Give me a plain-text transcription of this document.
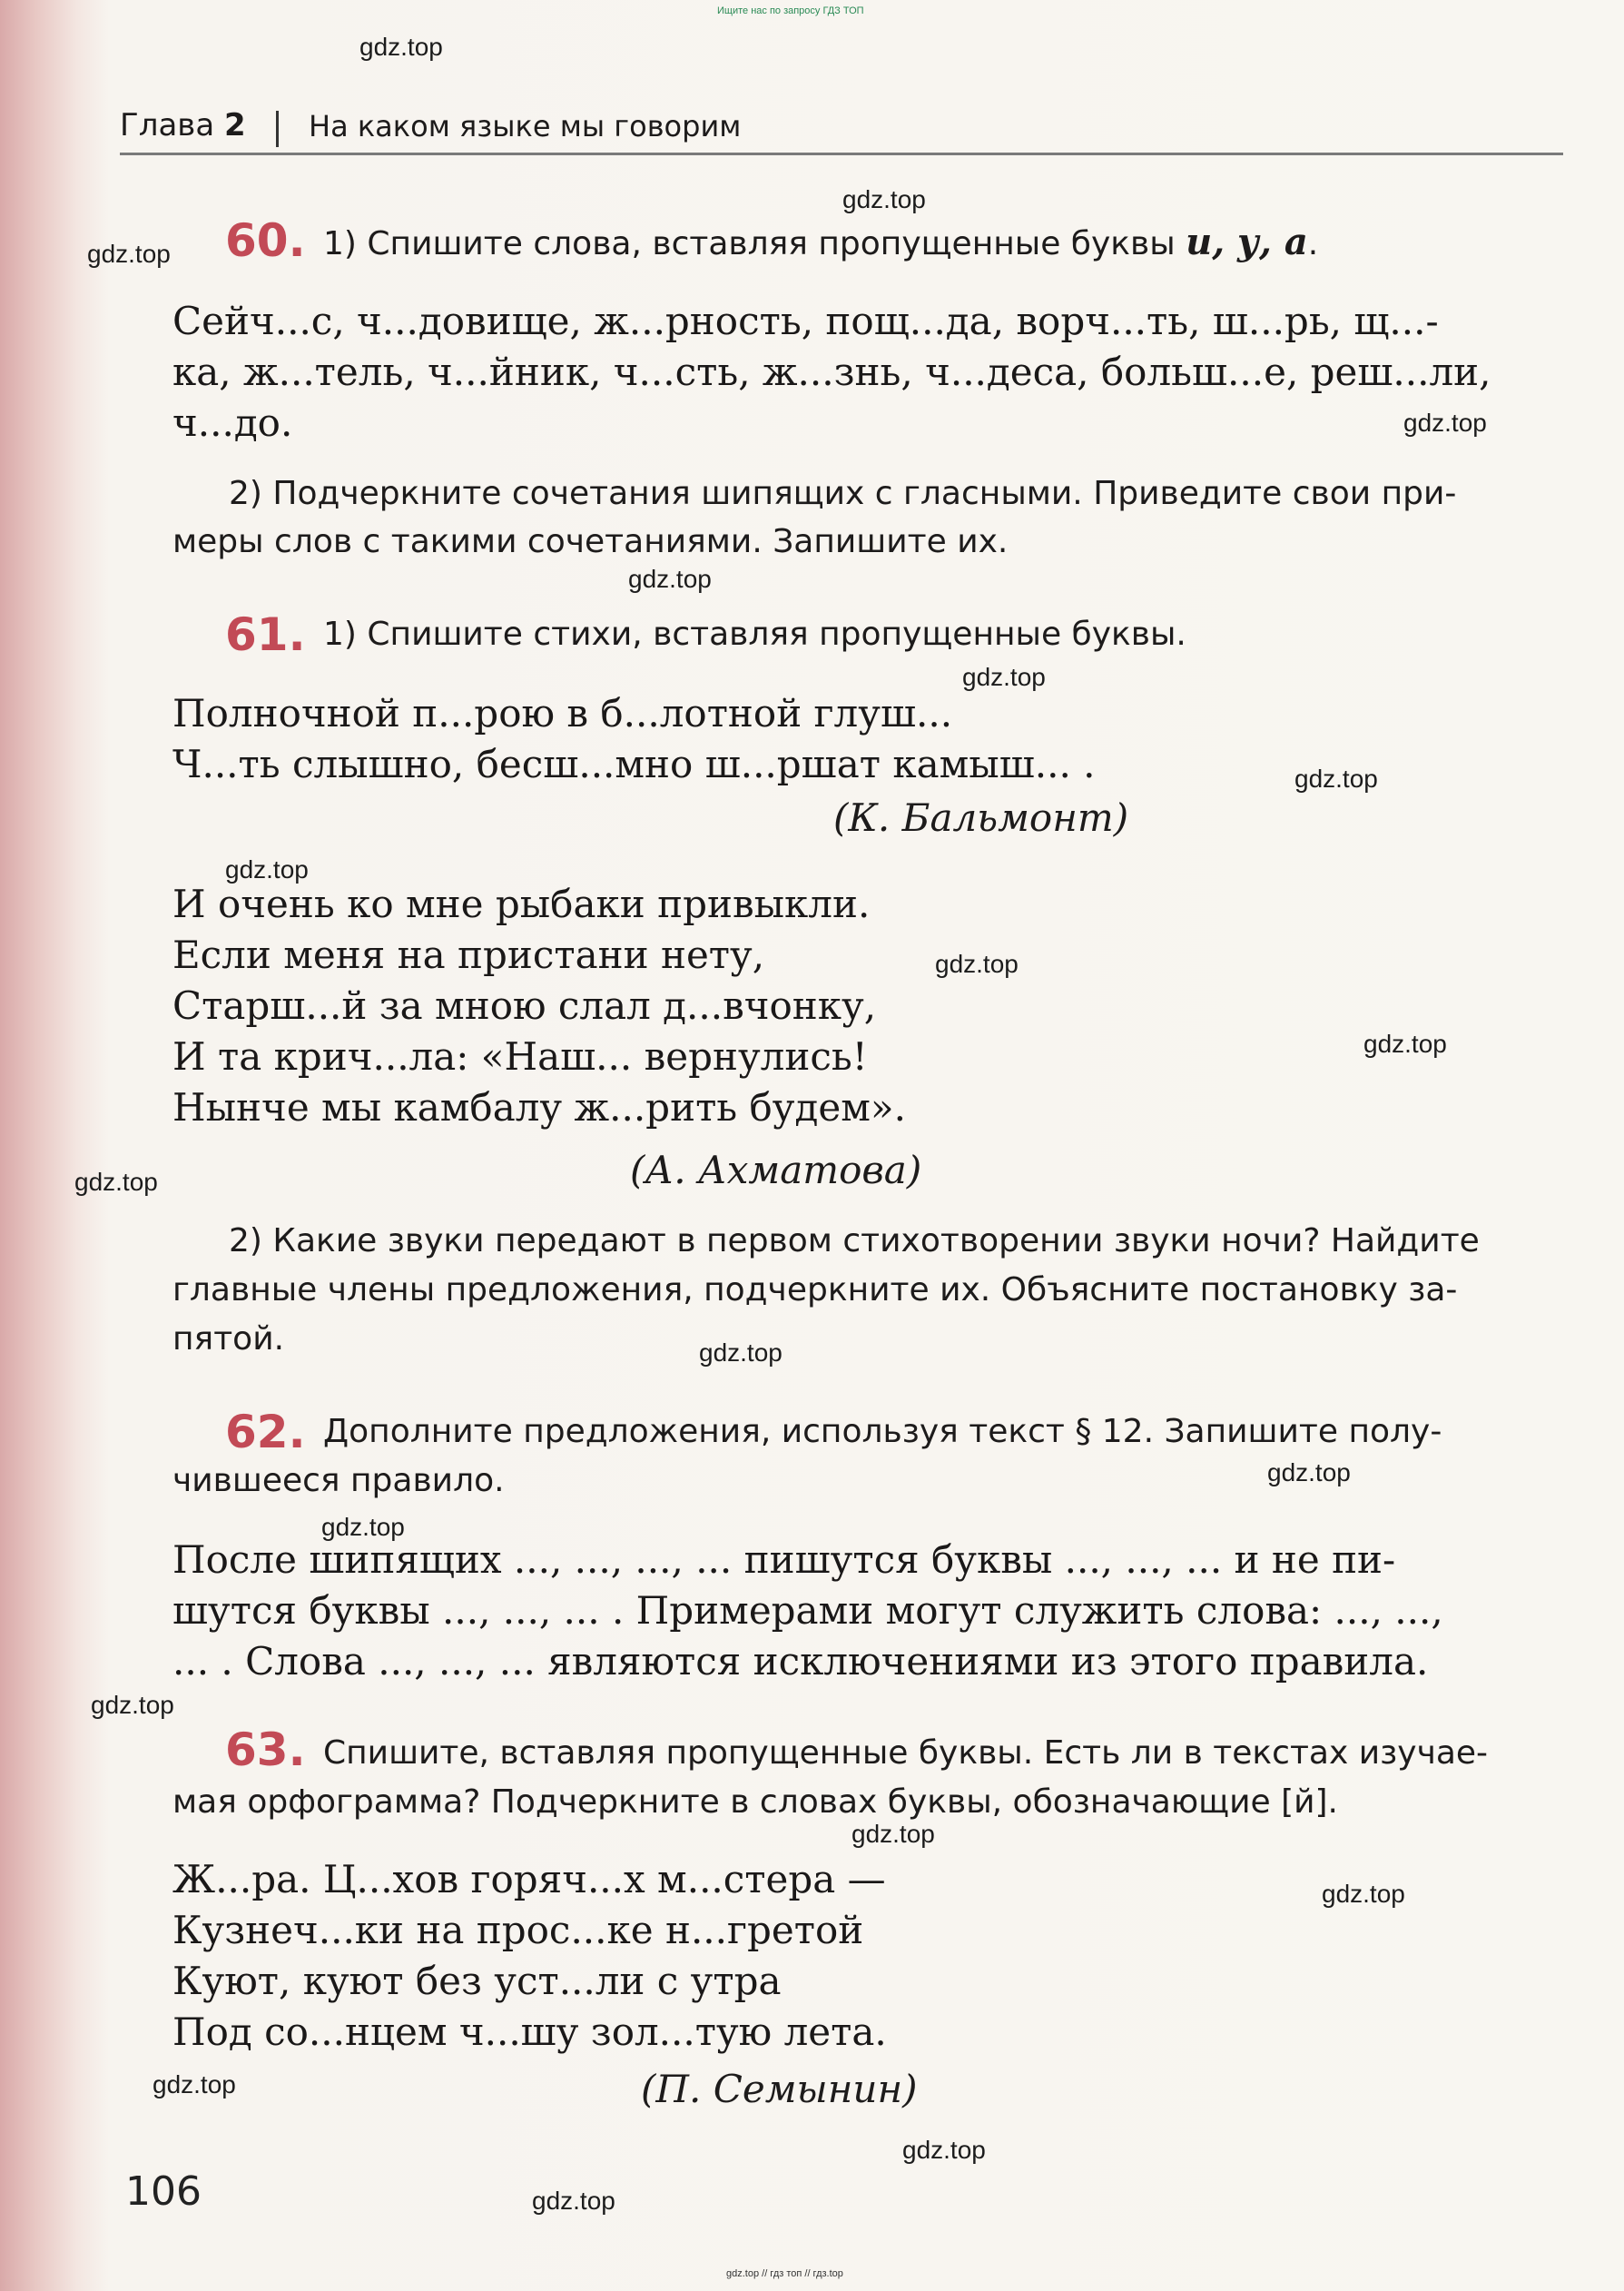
Ищите нас по запросу ГДЗ ТОП
Глава 2 На каком языке мы говорим
60. 1) Спишите слова, вставляя пропущенные буквы и, у, а.
Сейч...с, ч...довище, ж...рность, пощ...да, ворч...ть, ш...рь, щ...-
ка, ж...тель, ч...йник, ч...сть, ж...знь, ч...деса, больш...е, реш...ли,
ч...до.
2) Подчеркните сочетания шипящих с гласными. Приведите свои при-
меры слов с такими сочетаниями. Запишите их.
61. 1) Спишите стихи, вставляя пропущенные буквы.
Полночной п...рою в б...лотной глуш...
Ч...ть слышно, бесш...мно ш...ршат камыш... .
(К. Бальмонт)
И очень ко мне рыбаки привыкли.
Если меня на пристани нету,
Старш...й за мною слал д...вчонку,
И та крич...ла: «Наш... вернулись!
Нынче мы камбалу ж...рить будем».
(А. Ахматова)
2) Какие звуки передают в первом стихотворении звуки ночи? Найдите
главные члены предложения, подчеркните их. Объясните постановку за-
пятой.
62. Дополните предложения, используя текст § 12. Запишите полу-
чившееся правило.
После шипящих ..., ..., ..., ... пишутся буквы ..., ..., ... и не пи-
шутся буквы ..., ..., ... . Примерами могут служить слова: ..., ...,
... . Слова ..., ..., ... являются исключениями из этого правила.
63. Спишите, вставляя пропущенные буквы. Есть ли в текстах изучае-
мая орфограмма? Подчеркните в словах буквы, обозначающие [й].
Ж...ра. Ц...хов горяч...х м...стера —
Кузнеч...ки на прос...ке н...гретой
Куют, куют без уст...ли с утра
Под со...нцем ч...шу зол...тую лета.
(П. Семынин)
106
gdz.top
gdz.top
gdz.top
gdz.top
gdz.top
gdz.top
gdz.top
gdz.top
gdz.top
gdz.top
gdz.top
gdz.top
gdz.top
gdz.top
gdz.top
gdz.top
gdz.top
gdz.top
gdz.top
gdz.top
gdz.top // гдз топ // гдз.top
